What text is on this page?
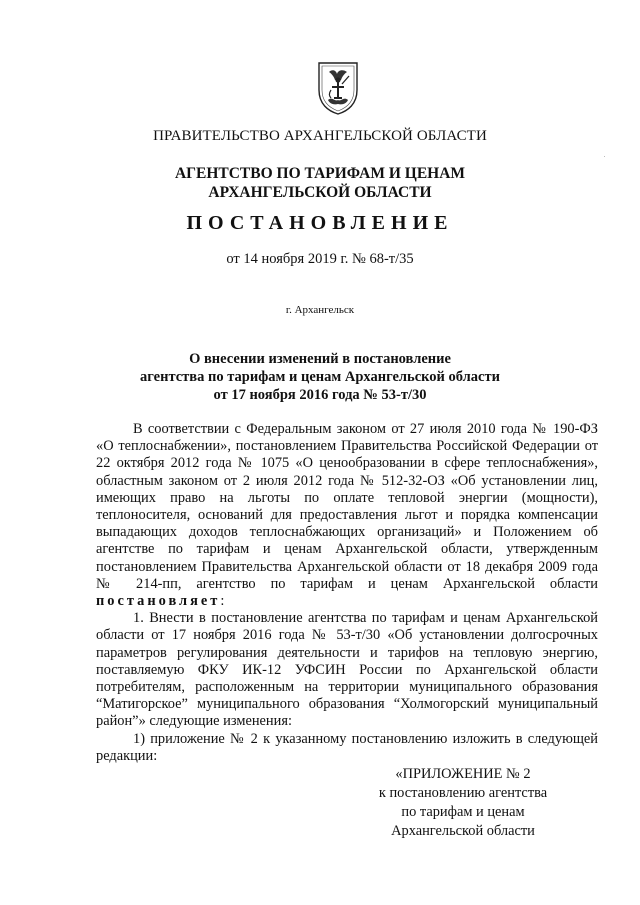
ПРАВИТЕЛЬСТВО АРХАНГЕЛЬСКОЙ ОБЛАСТИ
АГЕНТСТВО ПО ТАРИФАМ И ЦЕНАМ
АРХАНГЕЛЬСКОЙ ОБЛАСТИ
ПОСТАНОВЛЕНИЕ
от 14 ноября 2019 г. № 68-т/35
г. Архангельск
О внесении изменений в постановление
агентства по тарифам и ценам Архангельской области
от 17 ноября 2016 года № 53-т/30

В соответствии с Федеральным законом от 27 июля 2010 года № 190-ФЗ «О теплоснабжении», постановлением Правительства Российской Федерации от 22 октября 2012 года № 1075 «О ценообразовании в сфере теплоснабжения», областным законом от 2 июля 2012 года № 512-32-ОЗ «Об установлении лиц, имеющих право на льготы по оплате тепловой энергии (мощности), теплоносителя, оснований для предоставления льгот и порядка компенсации выпадающих доходов теплоснабжающих организаций» и Положением об агентстве по тарифам и ценам Архангельской области, утвержденным постановлением Правительства Архангельской области от 18 декабря 2009 года № 214-пп, агентство по тарифам и ценам Архангельской области постановляет:

1. Внести в постановление агентства по тарифам и ценам Архангельской области от 17 ноября 2016 года № 53-т/30 «Об установлении долгосрочных параметров регулирования деятельности и тарифов на тепловую энергию, поставляемую ФКУ ИК-12 УФСИН России по Архангельской области потребителям, расположенным на территории муниципального образования “Матигорское” муниципального образования “Холмогорский муниципальный район”» следующие изменения:

1) приложение № 2 к указанному постановлению изложить в следующей редакции:

«ПРИЛОЖЕНИЕ № 2
к постановлению агентства
по тарифам и ценам
Архангельской области
